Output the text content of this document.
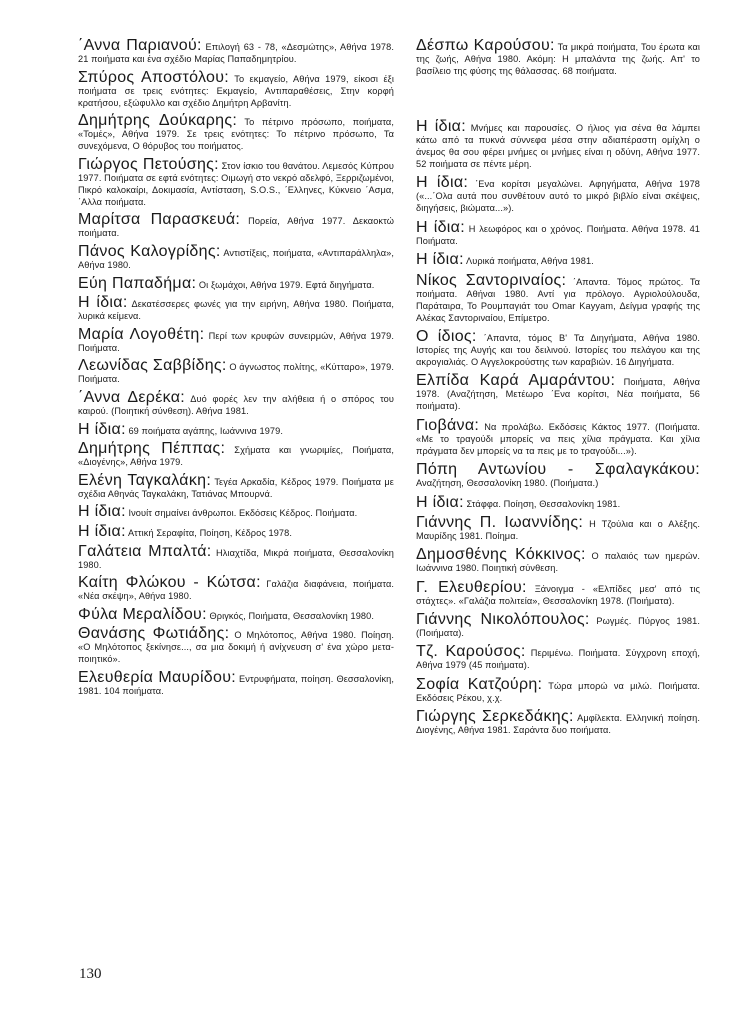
΄Αννα Παριανού: Επιλογή 63 - 78, «Δεσμώτης», Αθήνα 1978. 21 ποιήματα και ένα σχέδιο Μαρίας Παπαδημητρίου.

Σπύρος Αποστόλου: Το εκμαγείο, Αθήνα 1979, είκοσι έξι ποιήματα σε τρεις ενότητες: Εκμαγείο, Αντιπαραθέσεις, Στην κορφή κρατήσου, εξώφυλλο και σχέδιο Δημήτρη Αρβανίτη.

Δημήτρης Δούκαρης: Το πέτρινο πρόσωπο, ποιήματα, «Τομές», Αθήνα 1979. Σε τρεις ενότητες: Το πέτρινο πρόσωπο, Τα συνεχόμενα, Ο θόρυβος του ποιήματος.

Γιώργος Πετούσης: Στον ίσκιο του θανάτου. Λεμεσός Κύπρου 1977. Ποιήματα σε εφτά ενότητες: Οιμωγή στο νεκρό αδελφό, Ξερριζωμένοι, Πικρό καλοκαίρι, Δοκιμασία, Αντίσταση, S.O.S., ΄Ελληνες, Κύκνειο ΄Ασμα, ΄Αλλα ποιήματα.

Μαρίτσα Παρασκευά: Πορεία, Αθήνα 1977. Δεκαοκτώ ποιήματα.

Πάνος Καλογρίδης: Αντιστίξεις, ποιήματα, «Αντιπαράλληλα», Αθήνα 1980.

Εύη Παπαδήμα: Οι ξωμάχοι, Αθήνα 1979. Εφτά διηγήματα.

Η ίδια: Δεκατέσσερες φωνές για την ειρήνη, Αθήνα 1980. Ποιήματα, λυρικά κείμενα.

Μαρία Λογοθέτη: Περί των κρυφών συνειρμών, Αθήνα 1979. Ποιήματα.

Λεωνίδας Σαββίδης: Ο άγνωστος πολίτης, «Κύτταρο», 1979. Ποιήματα.

΄Αννα Δερέκα: Δυό φορές λεν την αλήθεια ή ο σπόρος του καιρού. (Ποιητική σύνθεση). Αθήνα 1981.

Η ίδια: 69 ποιήματα αγάπης, Ιωάννινα 1979.

Δημήτρης Πέππας: Σχήματα και γνωριμίες, Ποιήματα, «Διογένης», Αθήνα 1979.

Ελένη Ταγκαλάκη: Τεγέα Αρκαδία, Κέδρος 1979. Ποιήματα με σχέδια Αθηνάς Ταγκαλάκη, Τατιάνας Μπουρνά.

Η ίδια: Ινουίτ σημαίνει άνθρωποι. Εκδόσεις Κέδρος. Ποιήματα.

Η ίδια: Αττική Σεραφίτα, Ποίηση, Κέδρος 1978.

Γαλάτεια Μπαλτά: Ηλιαχτίδα, Μικρά ποιήματα, Θεσσαλονίκη 1980.

Καίτη Φλώκου - Κώτσα: Γαλάζια διαφάνεια, ποιήματα. «Νέα σκέψη», Αθήνα 1980.

Φύλα Μεραλίδου: Θριγκός, Ποιήματα, Θεσσαλονίκη 1980.

Θανάσης Φωτιάδης: Ο Μηλότοπος, Αθήνα 1980. Ποίηση. «Ο Μηλότοπος ξεκίνησε..., σα μια δοκιμή ή ανίχνευση σ' ένα χώρο μετα-ποιητικό».

Ελευθερία Μαυρίδου: Εντρυφήματα, ποίηση. Θεσσαλονίκη, 1981. 104 ποιήματα.

Δέσπω Καρούσου: Τα μικρά ποιήματα, Του έρωτα και της ζωής, Αθήνα 1980. Ακόμη: Η μπαλάντα της ζωής. Απ' το βασίλειο της φύσης της θάλασσας. 68 ποιήματα.

Η ίδια: Μνήμες και παρουσίες. Ο ήλιος για σένα θα λάμπει κάτω από τα πυκνά σύννεφα μέσα στην αδιαπέραστη ομίχλη ο άνεμος θα σου φέρει μνήμες οι μνήμες είναι η οδύνη, Αθήνα 1977. 52 ποιήματα σε πέντε μέρη.

Η ίδια: ΄Ενα κορίτσι μεγαλώνει. Αφηγήματα, Αθήνα 1978 («...΄Ολα αυτά που συνθέτουν αυτό το μικρό βιβλίο είναι σκέψεις, διηγήσεις, βιώματα...»).

Η ίδια: Η λεωφόρος και ο χρόνος. Ποιήματα. Αθήνα 1978. 41 Ποιήματα.

Η ίδια: Λυρικά ποιήματα, Αθήνα 1981.

Νίκος Σαντοριναίος: ΄Απαντα. Τόμος πρώτος. Τα ποιήματα. Αθήναι 1980. Αντί για πρόλογο. Αγριολούλουδα, Παράταιρα, Το Ρουμπαγιάτ του Omar Kayyam, Δείγμα γραφής της Αλέκας Σαντοριναίου, Επίμετρο.

Ο ίδιος: ΄Απαντα, τόμος Β' Τα Διηγήματα, Αθήνα 1980. Ιστορίες της Αυγής και του δειλινού. Ιστορίες του πελάγου και της ακρογιαλιάς. Ο Αγγελοκρούστης των καραβιών. 16 Διηγήματα.

Ελπίδα Καρά Αμαράντου: Ποιήματα, Αθήνα 1978. (Αναζήτηση, Μετέωρο ΄Ενα κορίτσι, Νέα ποιήματα, 56 ποιήματα).

Γιοβάνα: Να προλάβω. Εκδόσεις Κάκτος 1977. (Ποιήματα. «Με το τραγούδι μπορείς να πεις χίλια πράγματα. Και χίλια πράγματα δεν μπορείς να τα πεις με το τραγούδι...»).

Πόπη Αντωνίου - Σφαλαγκάκου: Αναζήτηση, Θεσσαλονίκη 1980. (Ποιήματα.)

Η ίδια: Στάφφα. Ποίηση, Θεσσαλονίκη 1981.

Γιάννης Π. Ιωαννίδης: Η Τζούλια και ο Αλέξης. Μαυρίδης 1981. Ποίημα.

Δημοσθένης Κόκκινος: Ο παλαιός των ημερών. Ιωάννινα 1980. Ποιητική σύνθεση.

Γ. Ελευθερίου: Ξάνοιγμα - «Ελπίδες μεσ' από τις στάχτες». «Γαλάζια πολιτεία», Θεσσαλονίκη 1978. (Ποιήματα).

Γιάννης Νικολόπουλος: Ρωγμές. Πύργος 1981. (Ποιήματα).

Τζ. Καρούσος: Περιμένω. Ποιήματα. Σύγχρονη εποχή, Αθήνα 1979 (45 ποιήματα).

Σοφία Κατζούρη: Τώρα μπορώ να μιλώ. Ποιήματα. Εκδόσεις Ρέκου, χ.χ.

Γιώργης Σερκεδάκης: Αμφίλεκτα. Ελληνική ποίηση. Διογένης, Αθήνα 1981. Σαράντα δυο ποιήματα.

130
